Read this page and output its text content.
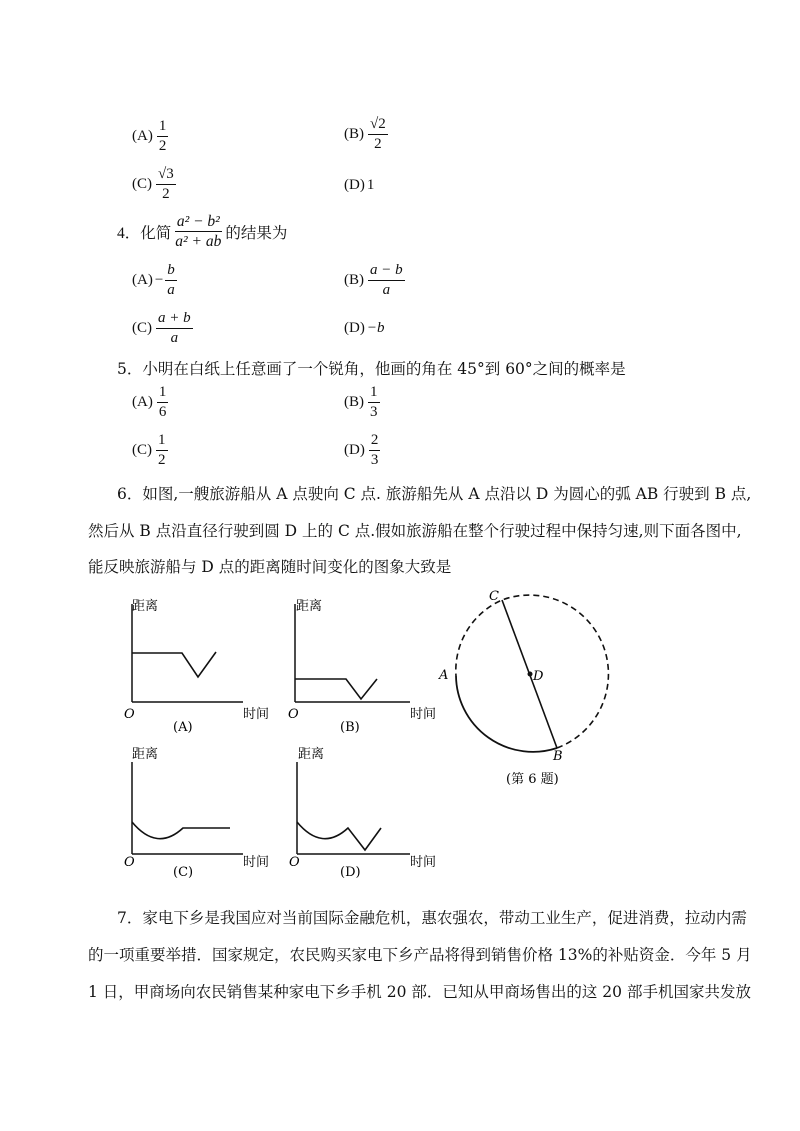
$(A) \frac{1}{2}$	$(B) \frac{√2}{2}$
$(C) \frac{√3}{2}$	(D) 1
4． 化简 $\frac{\text{a² − b²}}{\text{a² + ab}}$ 的结果为
$(A) - \frac{b}{a}$	$(B) \frac{a - b}{a}$
$(C) \frac{a + b}{a}$	(D) −b
5．小明在白纸上任意画了一个锐角，他画的角在 45°到 60°之间的概率是
$(A) \frac{1}{6}$	$(B) \frac{1}{3}$
$(C) \frac{1}{2}$	$(D) \frac{2}{3}$
6．如图,一艘旅游船从 A 点驶向 C 点. 旅游船先从 A 点沿以 D 为圆心的弧 AB 行驶到 B 点,
然后从 B 点沿直径行驶到圆 D 上的 C 点.假如旅游船在整个行驶过程中保持匀速,则下面各图中,
能反映旅游船与 D 点的距离随时间变化的图象大致是
距离
时间
O
(A)
距离
时间
O
(B)
距离
时间
O
(C)
距离
时间
O
(D)
C
D
A
B
(第 6 题)
7．家电下乡是我国应对当前国际金融危机，惠农强农，带动工业生产，促进消费，拉动内需
的一项重要举措．国家规定，农民购买家电下乡产品将得到销售价格 13%的补贴资金．今年 5 月
1 日，甲商场向农民销售某种家电下乡手机 20 部．已知从甲商场售出的这 20 部手机国家共发放
